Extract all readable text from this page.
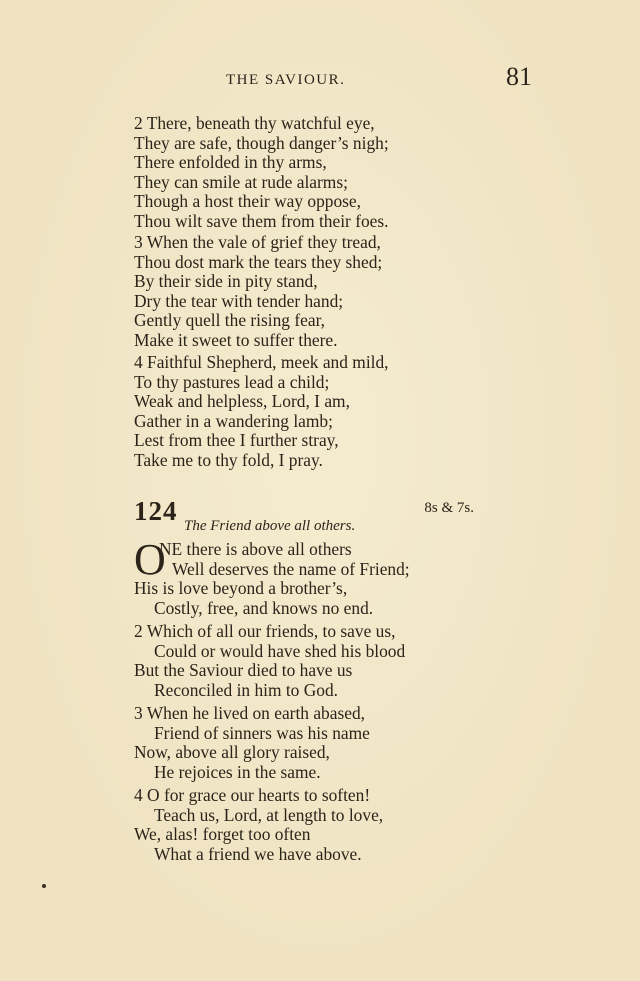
THE SAVIOUR.	81
2 There, beneath thy watchful eye,
They are safe, though danger’s nigh;
There enfolded in thy arms,
They can smile at rude alarms;
Though a host their way oppose,
Thou wilt save them from their foes.
3 When the vale of grief they tread,
Thou dost mark the tears they shed;
By their side in pity stand,
Dry the tear with tender hand;
Gently quell the rising fear,
Make it sweet to suffer there.
4 Faithful Shepherd, meek and mild,
To thy pastures lead a child;
Weak and helpless, Lord, I am,
Gather in a wandering lamb;
Lest from thee I further stray,
Take me to thy fold, I pray.
124	8s & 7s.
The Friend above all others.
O
NE there is above all others
Well deserves the name of Friend;
His is love beyond a brother’s,
Costly, free, and knows no end.
2 Which of all our friends, to save us,
Could or would have shed his blood
But the Saviour died to have us
Reconciled in him to God.
3 When he lived on earth abased,
Friend of sinners was his name
Now, above all glory raised,
He rejoices in the same.
4 O for grace our hearts to soften!
Teach us, Lord, at length to love,
We, alas! forget too often
What a friend we have above.
